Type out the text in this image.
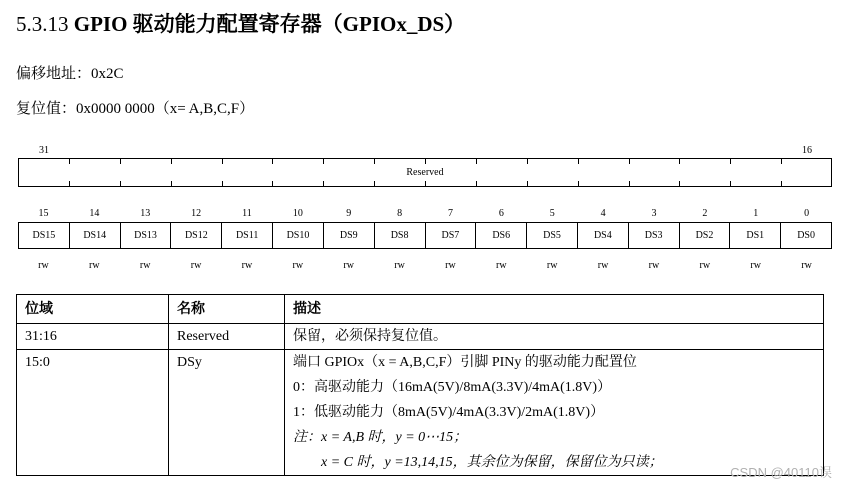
5.3.13 GPIO 驱动能力配置寄存器（GPIOx_DS）
偏移地址：0x2C
复位值：0x0000 0000（x= A,B,C,F）
31	16
Reserved
15	14	13	12	11	10	9	8	7	6	5	4	3	2	1	0
DS15	DS14	DS13	DS12	DS11	DS10	DS9	DS8	DS7	DS6	DS5	DS4	DS3	DS2	DS1	DS0
rw	rw	rw	rw	rw	rw	rw	rw	rw	rw	rw	rw	rw	rw	rw	rw
位域	名称	描述

31:16	Reserved	保留，必须保持复位值。

15:0	DSy	端口 GPIOx（x = A,B,C,F）引脚 PINy 的驱动能力配置位
0：高驱动能力（16mA(5V)/8mA(3.3V)/4mA(1.8V)）
1：低驱动能力（8mA(5V)/4mA(3.3V)/2mA(1.8V)）
注：x = A,B 时，y = 0⋯15；
x = C 时，y =13,14,15，其余位为保留，保留位为只读；
CSDN @40110误
